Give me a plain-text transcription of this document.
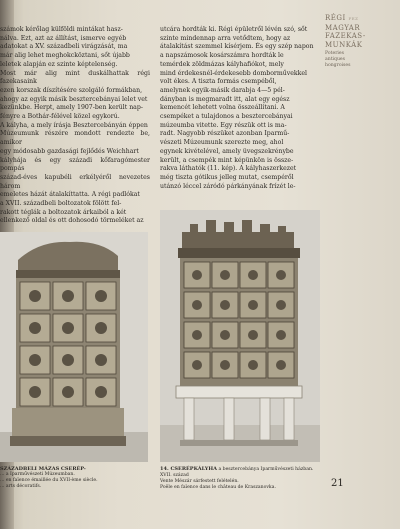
számok kérőlag külföldi mintákat hasz-

nálva. Ezt, azt az állítást, ismerve egyéb

adatokat a XV. századbeli virágzását, ma

már alig lehet meghokcköztani, sőt újabb

leletek alapján ez szinte képtelenség.

Most már alig mint duskálhattak régi fazekasaink

ezen korszak díszítésére szolgáló formákban,

ahogy az egyik másik besztercebányai lelet vet

kezünkbe. Herpt, amely 1907-ben került nap-

fényre a Bothár-félével közel egykorú.

A kályha, a mely írásja Besztercebányán éppen

Múzeumunk részére mondott rendezte be, amikor

egy módosabb gazdasági fejlődés Weichhart

kályhája és egy századi kőfaragómester pompás

század-éves kapubéli erkélyéről nevezetes három

emeletes házát átalakíttatta. A régi padlókat

a XVII. századbeli boltozatok fölött fel-

rakott téglák a boltozatok árkaiból a két

ellenkező oldal és ott dohosodó törmeléket az

utcára hordták ki. Régi épületről lévén szó, sőt

szinte mindennap arra vetődtem, hogy az

átalakítást szemmel kísérjem. És egy szép napon

a napszámosok kosárszámra hordták le

temérdek zöldmázas kályhafiókot, mely

mind érdekesnél-érdekesebb domborművekkel

volt ékes. A tiszta formás csempéből,

amelynek egyik-másik darabja 4—5 pél-

dányban is megmaradt itt, alat egy egész

kemencét lehetett volna összeállítani. A

csempéket a tulajdonos a besztercebányai

múzeumba vitette. Egy részük ott is ma-

radt. Nagyobb részüket azonban Iparmű-

vészeti Múzeumunk szerezte meg, ahol

egynek kivételével, amely üvegszekrénybe

került, a csempék mint képünkön is össze-

rakva láthatók (11. kép). A kályhaszerkezet

még tiszta gótikus jelleg mutat, csempéről

utánzó léccel záródó párkányának frízét le-

RÉGI FEZ
MAGYAR
FAZEKAS-
MUNKÁK
Poteries
antiques
hongroises
SZÁZADBELI MÁZAS CSERÉP-
... a Iparművészeti Múzeumban.
... en faïence émaillée du XVII-ème siècle.
... arts décoratifs.
14. CSERÉPKÁLYHA a besztercebánya Iparművészeti házban. XVII. század
Vente Mészár sárfestett felételén.
Poêle en faïence dans le château de Kraszanovka.	21
